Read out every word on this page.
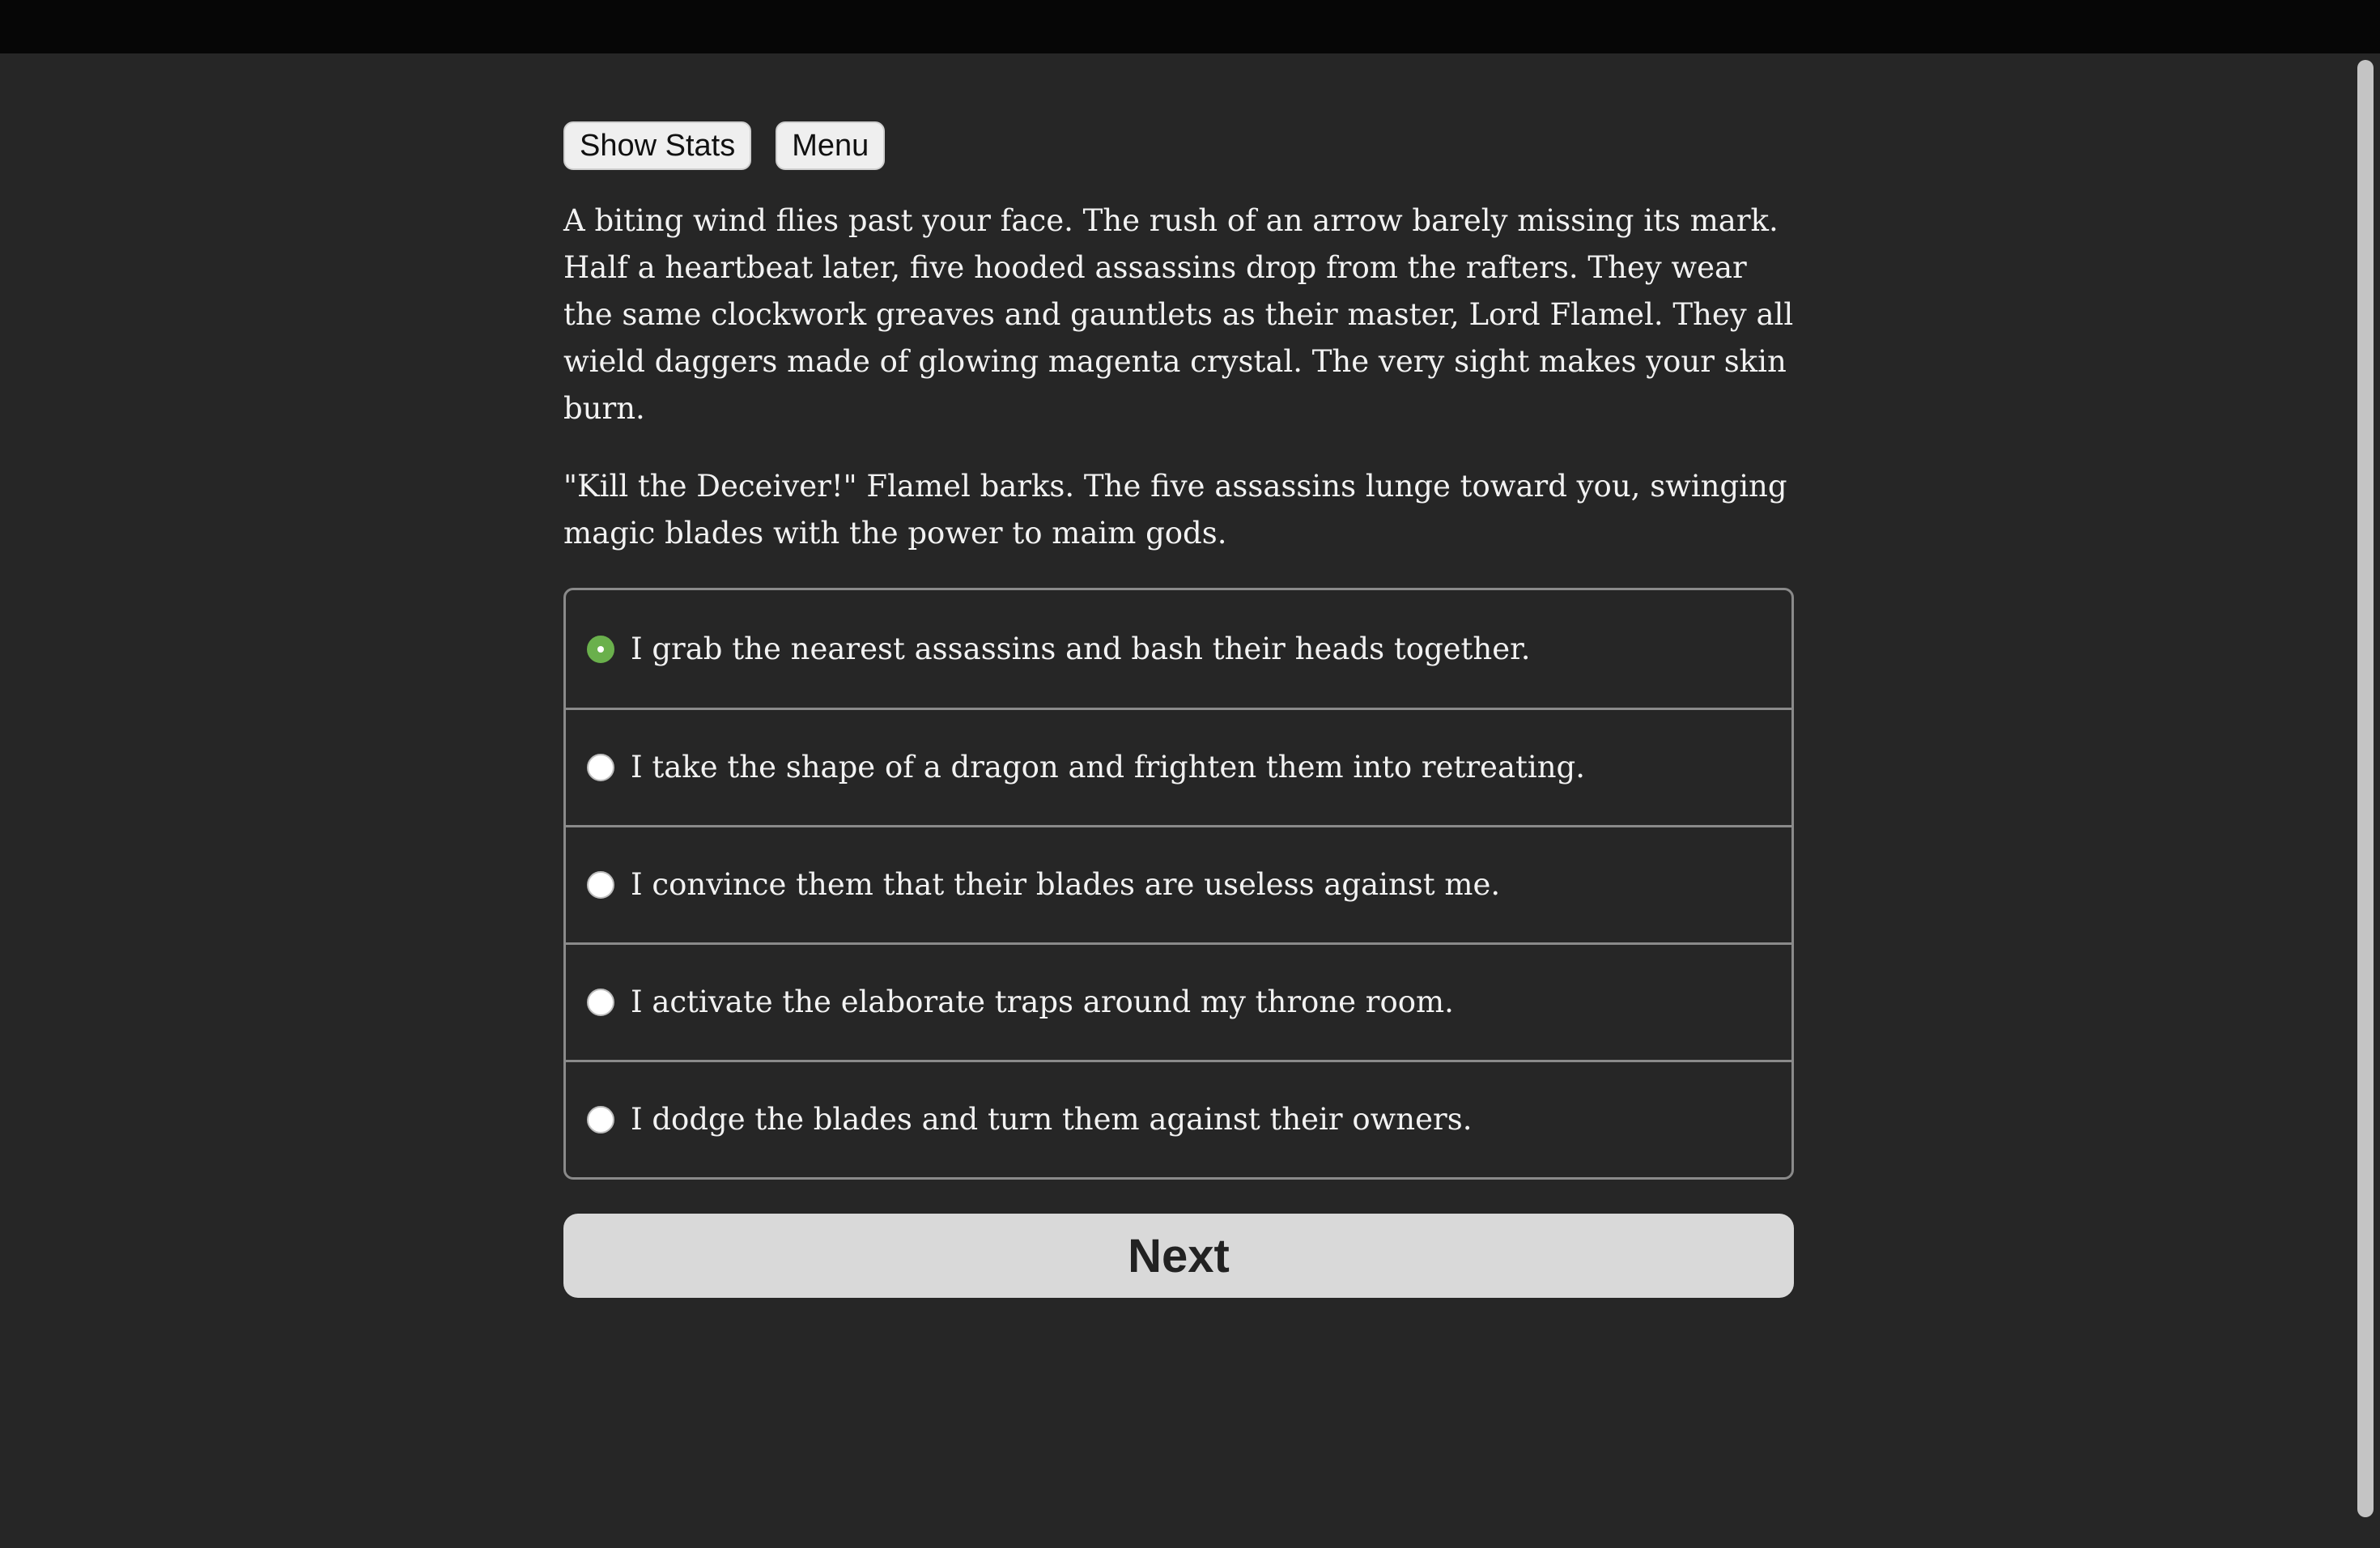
Show Stats	Menu

A biting wind flies past your face. The rush of an arrow barely missing its mark. Half a heartbeat later, five hooded assassins drop from the rafters. They wear the same clockwork greaves and gauntlets as their master, Lord Flamel. They all wield daggers made of glowing magenta crystal. The very sight makes your skin burn.

"Kill the Deceiver!" Flamel barks. The five assassins lunge toward you, swinging magic blades with the power to maim gods.

I grab the nearest assassins and bash their heads together.
I take the shape of a dragon and frighten them into retreating.
I convince them that their blades are useless against me.
I activate the elaborate traps around my throne room.
I dodge the blades and turn them against their owners.
Next
